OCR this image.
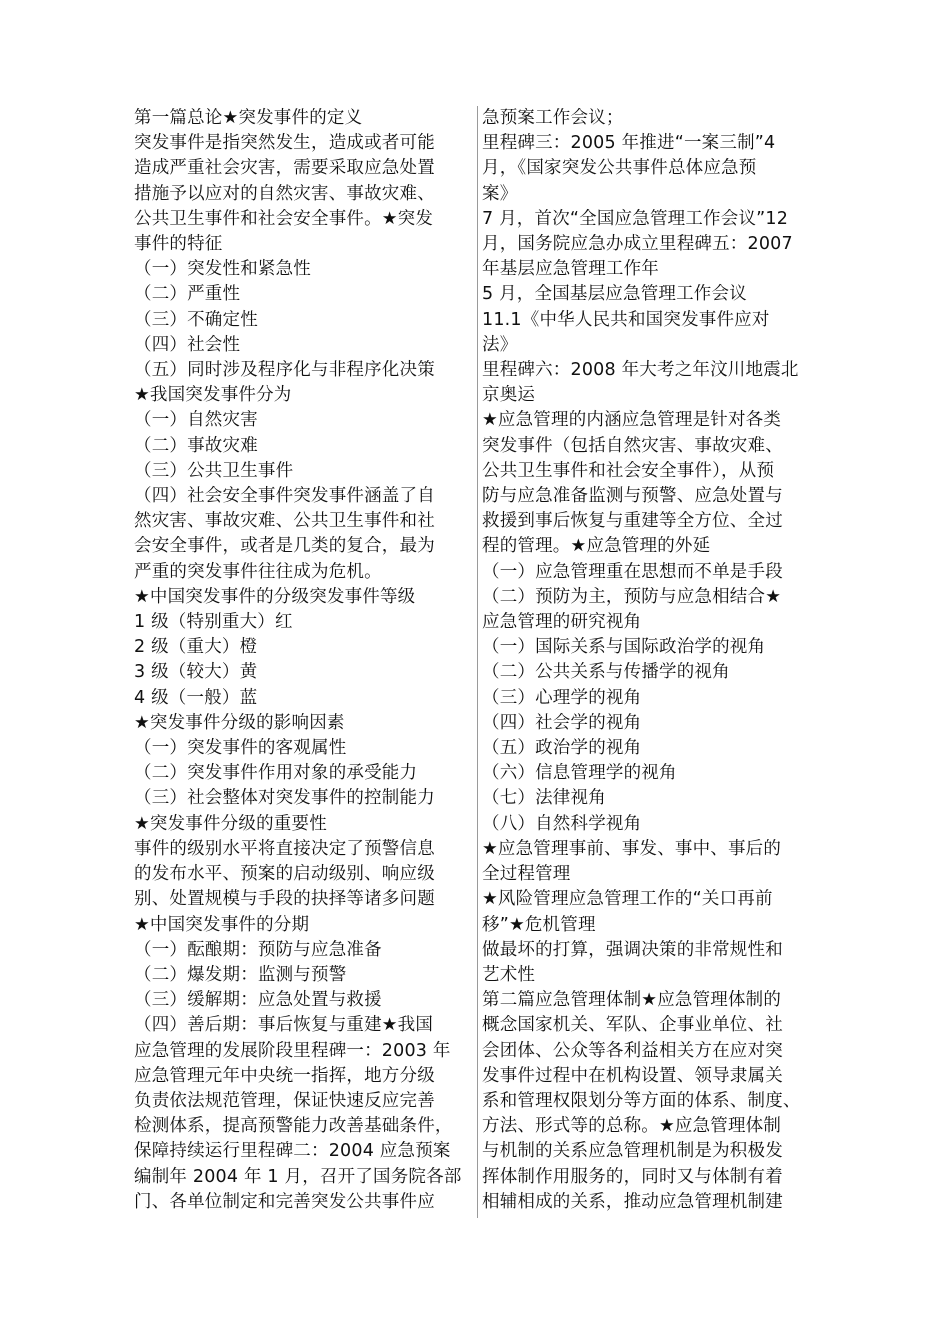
第一篇总论★突发事件的定义
突发事件是指突然发生，造成或者可能
造成严重社会灾害，需要采取应急处置
措施予以应对的自然灾害、事故灾难、
公共卫生事件和社会安全事件。★突发
事件的特征
（一）突发性和紧急性
（二）严重性
（三）不确定性
（四）社会性
（五）同时涉及程序化与非程序化决策
★我国突发事件分为
（一）自然灾害
（二）事故灾难
（三）公共卫生事件
（四）社会安全事件突发事件涵盖了自
然灾害、事故灾难、公共卫生事件和社
会安全事件，或者是几类的复合，最为
严重的突发事件往往成为危机。
★中国突发事件的分级突发事件等级
1 级（特别重大）红
2 级（重大）橙
3 级（较大）黄
4 级（一般）蓝
★突发事件分级的影响因素
（一）突发事件的客观属性
（二）突发事件作用对象的承受能力
（三）社会整体对突发事件的控制能力
★突发事件分级的重要性
事件的级别水平将直接决定了预警信息
的发布水平、预案的启动级别、响应级
别、处置规模与手段的抉择等诸多问题
★中国突发事件的分期
（一）酝酿期：预防与应急准备
（二）爆发期：监测与预警
（三）缓解期：应急处置与救援
（四）善后期：事后恢复与重建★我国
应急管理的发展阶段里程碑一：2003 年
应急管理元年中央统一指挥，地方分级
负责依法规范管理，保证快速反应完善
检测体系，提高预警能力改善基础条件，
保障持续运行里程碑二：2004 应急预案
编制年 2004 年 1 月，召开了国务院各部
门、各单位制定和完善突发公共事件应
急预案工作会议；
里程碑三：2005 年推进“一案三制”4
月，《国家突发公共事件总体应急预
案》
7 月，首次“全国应急管理工作会议”12
月，国务院应急办成立里程碑五：2007
年基层应急管理工作年
5 月，全国基层应急管理工作会议
11.1《中华人民共和国突发事件应对
法》
里程碑六：2008 年大考之年汶川地震北
京奥运
★应急管理的内涵应急管理是针对各类
突发事件（包括自然灾害、事故灾难、
公共卫生事件和社会安全事件），从预
防与应急准备监测与预警、应急处置与
救援到事后恢复与重建等全方位、全过
程的管理。★应急管理的外延
（一）应急管理重在思想而不单是手段
（二）预防为主，预防与应急相结合★
应急管理的研究视角
（一）国际关系与国际政治学的视角
（二）公共关系与传播学的视角
（三）心理学的视角
（四）社会学的视角
（五）政治学的视角
（六）信息管理学的视角
（七）法律视角
（八）自然科学视角
★应急管理事前、事发、事中、事后的
全过程管理
★风险管理应急管理工作的“关口再前
移”★危机管理
做最坏的打算，强调决策的非常规性和
艺术性
第二篇应急管理体制★应急管理体制的
概念国家机关、军队、企事业单位、社
会团体、公众等各利益相关方在应对突
发事件过程中在机构设置、领导隶属关
系和管理权限划分等方面的体系、制度、
方法、形式等的总称。★应急管理体制
与机制的关系应急管理机制是为积极发
挥体制作用服务的，同时又与体制有着
相辅相成的关系，推动应急管理机制建
